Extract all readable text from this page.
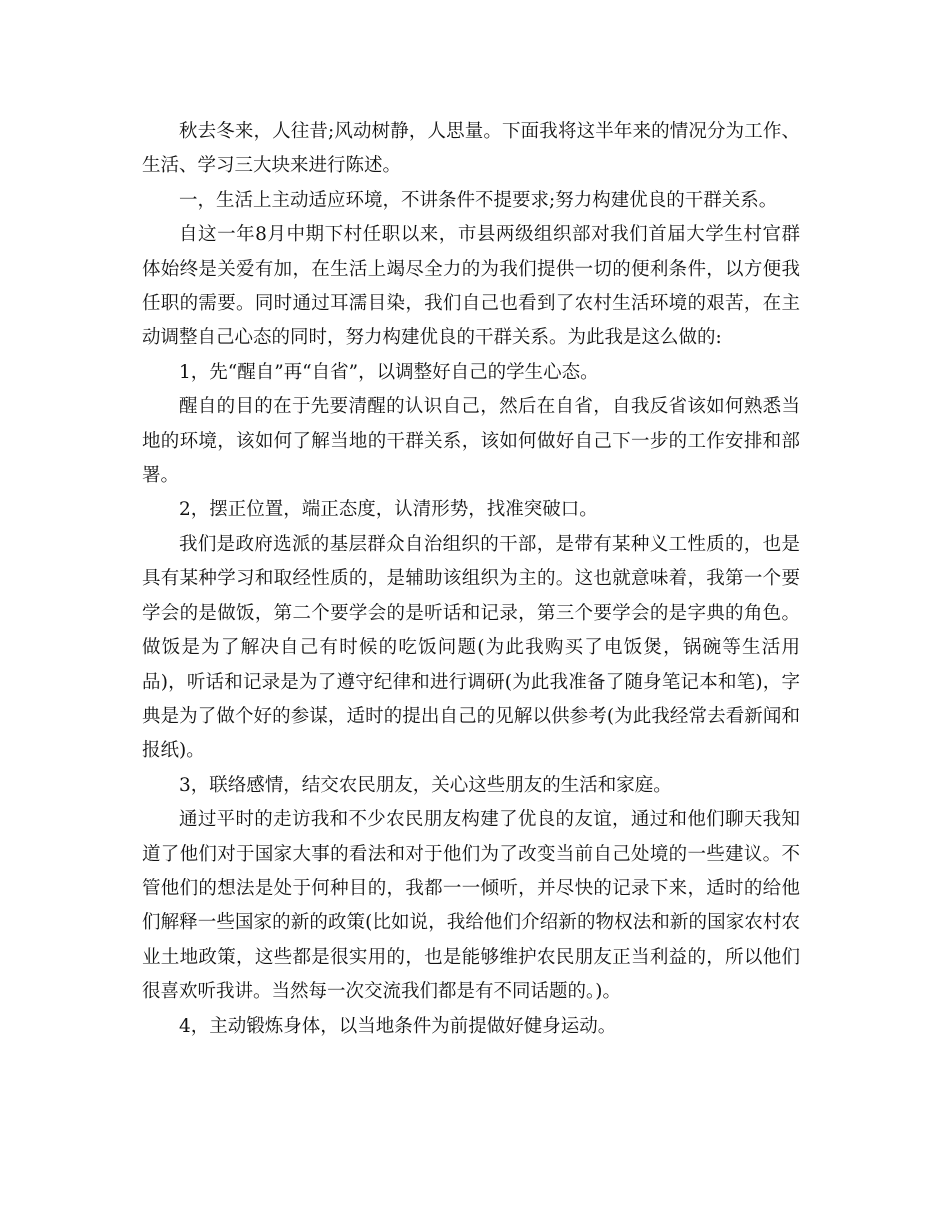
秋去冬来，人往昔;风动树静，人思量。下面我将这半年来的情况分为工作、生活、学习三大块来进行陈述。

一，生活上主动适应环境，不讲条件不提要求;努力构建优良的干群关系。

自这一年8月中期下村任职以来，市县两级组织部对我们首届大学生村官群体始终是关爱有加，在生活上竭尽全力的为我们提供一切的便利条件，以方便我任职的需要。同时通过耳濡目染，我们自己也看到了农村生活环境的艰苦，在主动调整自己心态的同时，努力构建优良的干群关系。为此我是这么做的:

1，先“醒自”再“自省”，以调整好自己的学生心态。

醒自的目的在于先要清醒的认识自己，然后在自省，自我反省该如何熟悉当地的环境，该如何了解当地的干群关系，该如何做好自己下一步的工作安排和部署。

2，摆正位置，端正态度，认清形势，找准突破口。

我们是政府选派的基层群众自治组织的干部，是带有某种义工性质的，也是具有某种学习和取经性质的，是辅助该组织为主的。这也就意味着，我第一个要学会的是做饭，第二个要学会的是听话和记录，第三个要学会的是字典的角色。做饭是为了解决自己有时候的吃饭问题(为此我购买了电饭煲，锅碗等生活用品)，听话和记录是为了遵守纪律和进行调研(为此我准备了随身笔记本和笔)，字典是为了做个好的参谋，适时的提出自己的见解以供参考(为此我经常去看新闻和报纸)。

3，联络感情，结交农民朋友，关心这些朋友的生活和家庭。

通过平时的走访我和不少农民朋友构建了优良的友谊，通过和他们聊天我知道了他们对于国家大事的看法和对于他们为了改变当前自己处境的一些建议。不管他们的想法是处于何种目的，我都一一倾听，并尽快的记录下来，适时的给他们解释一些国家的新的政策(比如说，我给他们介绍新的物权法和新的国家农村农业土地政策，这些都是很实用的，也是能够维护农民朋友正当利益的，所以他们很喜欢听我讲。当然每一次交流我们都是有不同话题的。)。

4，主动锻炼身体，以当地条件为前提做好健身运动。
